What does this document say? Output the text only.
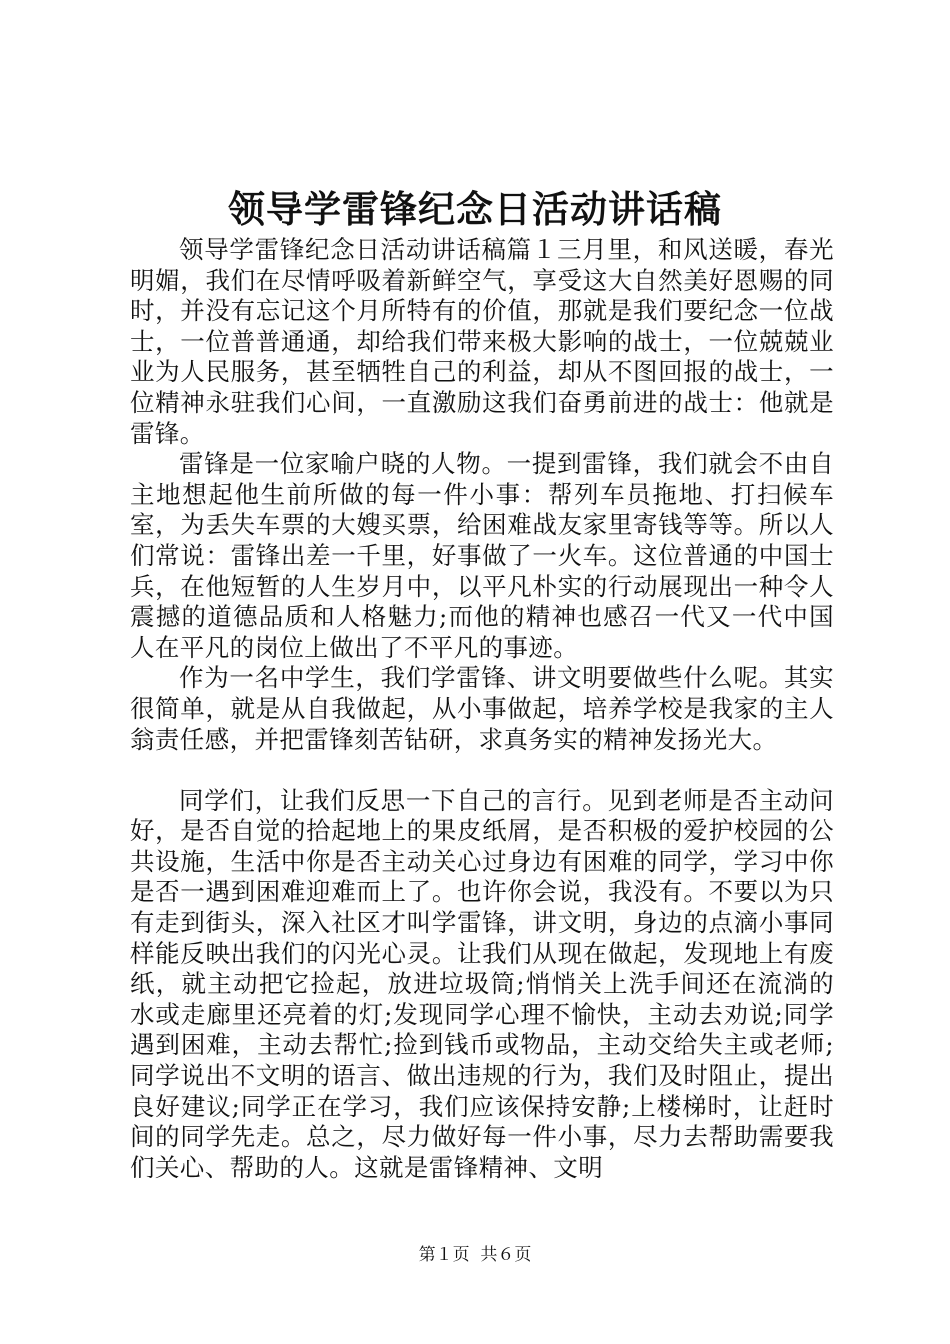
领导学雷锋纪念日活动讲话稿

领导学雷锋纪念日活动讲话稿篇１三月里，和风送暖，春光明媚，我们在尽情呼吸着新鲜空气，享受这大自然美好恩赐的同时，并没有忘记这个月所特有的价值，那就是我们要纪念一位战士，一位普普通通，却给我们带来极大影响的战士，一位兢兢业业为人民服务，甚至牺牲自己的利益，却从不图回报的战士，一位精神永驻我们心间，一直激励这我们奋勇前进的战士：他就是雷锋。

雷锋是一位家喻户晓的人物。一提到雷锋，我们就会不由自主地想起他生前所做的每一件小事：帮列车员拖地、打扫候车室，为丢失车票的大嫂买票，给困难战友家里寄钱等等。所以人们常说：雷锋出差一千里，好事做了一火车。这位普通的中国士兵，在他短暂的人生岁月中，以平凡朴实的行动展现出一种令人震撼的道德品质和人格魅力;而他的精神也感召一代又一代中国人在平凡的岗位上做出了不平凡的事迹。

作为一名中学生，我们学雷锋、讲文明要做些什么呢。其实很简单，就是从自我做起，从小事做起，培养学校是我家的主人翁责任感，并把雷锋刻苦钻研，求真务实的精神发扬光大。

同学们，让我们反思一下自己的言行。见到老师是否主动问好，是否自觉的拾起地上的果皮纸屑，是否积极的爱护校园的公共设施，生活中你是否主动关心过身边有困难的同学，学习中你是否一遇到困难迎难而上了。也许你会说，我没有。不要以为只有走到街头，深入社区才叫学雷锋，讲文明，身边的点滴小事同样能反映出我们的闪光心灵。让我们从现在做起，发现地上有废纸，就主动把它捡起，放进垃圾筒;悄悄关上洗手间还在流淌的水或走廊里还亮着的灯;发现同学心理不愉快，主动去劝说;同学遇到困难，主动去帮忙;捡到钱币或物品，主动交给失主或老师;同学说出不文明的语言、做出违规的行为，我们及时阻止，提出良好建议;同学正在学习，我们应该保持安静;上楼梯时，让赶时间的同学先走。总之，尽力做好每一件小事，尽力去帮助需要我们关心、帮助的人。这就是雷锋精神、文明

第１页 共６页
